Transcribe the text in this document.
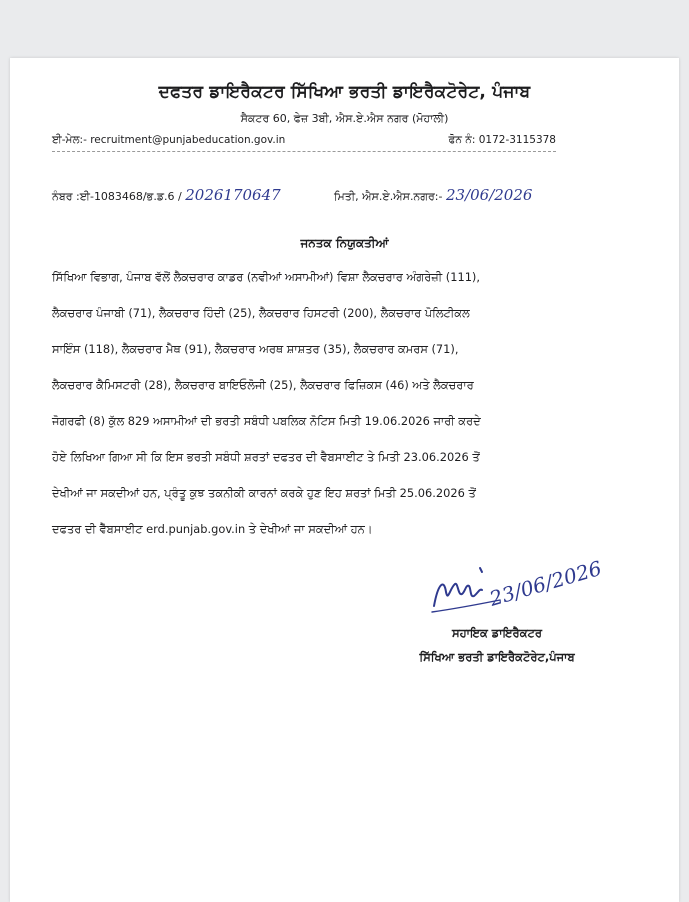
ਦਫਤਰ ਡਾਇਰੈਕਟਰ ਸਿੱਖਿਆ ਭਰਤੀ ਡਾਇਰੈਕਟੋਰੇਟ, ਪੰਜਾਬ
ਸੈਕਟਰ 60, ਫੇਜ਼ 3ਬੀ, ਐਸ.ਏ.ਐਸ ਨਗਰ (ਮੋਹਾਲੀ)
ਈ-ਮੇਲ:- recruitment@punjabeducation.gov.in	ਫੋਨ ਨੰ: 0172-3115378
ਨੰਬਰ :ਈ-1083468/ਭ.ਡ.6 / 2026170647	ਮਿਤੀ, ਐਸ.ਏ.ਐਸ.ਨਗਰ:- 23/06/2026
ਜਨਤਕ ਨਿਯੁਕਤੀਆਂ
ਸਿੱਖਿਆ ਵਿਭਾਗ, ਪੰਜਾਬ ਵੱਲੋਂ ਲੈਕਚਰਾਰ ਕਾਡਰ (ਨਵੀਆਂ ਅਸਾਮੀਆਂ) ਵਿਸ਼ਾ ਲੈਕਚਰਾਰ ਅੰਗਰੇਜ਼ੀ (111),
ਲੈਕਚਰਾਰ ਪੰਜਾਬੀ (71), ਲੈਕਚਰਾਰ ਹਿੰਦੀ (25), ਲੈਕਚਰਾਰ ਹਿਸਟਰੀ (200), ਲੈਕਚਰਾਰ ਪੋਲਿਟੀਕਲ
ਸਾਇੰਸ (118), ਲੈਕਚਰਾਰ ਮੈਥ (91), ਲੈਕਚਰਾਰ ਅਰਥ ਸ਼ਾਸ਼ਤਰ (35), ਲੈਕਚਰਾਰ ਕਮਰਸ (71),
ਲੈਕਚਰਾਰ ਕੈਮਿਸਟਰੀ (28), ਲੈਕਚਰਾਰ ਬਾਇਓਲੋਜੀ (25), ਲੈਕਚਰਾਰ ਫਿਜ਼ਿਕਸ (46) ਅਤੇ ਲੈਕਚਰਾਰ
ਜੋਗਰਫੀ (8) ਕੁੱਲ 829 ਅਸਾਮੀਆਂ ਦੀ ਭਰਤੀ ਸਬੰਧੀ ਪਬਲਿਕ ਨੋਟਿਸ ਮਿਤੀ 19.06.2026 ਜਾਰੀ ਕਰਦੇ
ਹੋਏ ਲਿਖਿਆ ਗਿਆ ਸੀ ਕਿ ਇਸ ਭਰਤੀ ਸਬੰਧੀ ਸ਼ਰਤਾਂ ਦਫਤਰ ਦੀ ਵੈਬਸਾਈਟ ਤੇ ਮਿਤੀ 23.06.2026 ਤੋਂ
ਦੇਖੀਆਂ ਜਾ ਸਕਦੀਆਂ ਹਨ, ਪ੍ਰੰਤੂ ਕੁਝ ਤਕਨੀਕੀ ਕਾਰਨਾਂ ਕਰਕੇ ਹੁਣ ਇਹ ਸ਼ਰਤਾਂ ਮਿਤੀ 25.06.2026 ਤੋਂ
ਦਫਤਰ ਦੀ ਵੈੱਬਸਾਈਟ erd.punjab.gov.in ਤੇ ਦੇਖੀਆਂ ਜਾ ਸਕਦੀਆਂ ਹਨ।
23/06/2026
ਸਹਾਇਕ ਡਾਇਰੈਕਟਰ
ਸਿੱਖਿਆ ਭਰਤੀ ਡਾਇਰੈਕਟੋਰੇਟ,ਪੰਜਾਬ
